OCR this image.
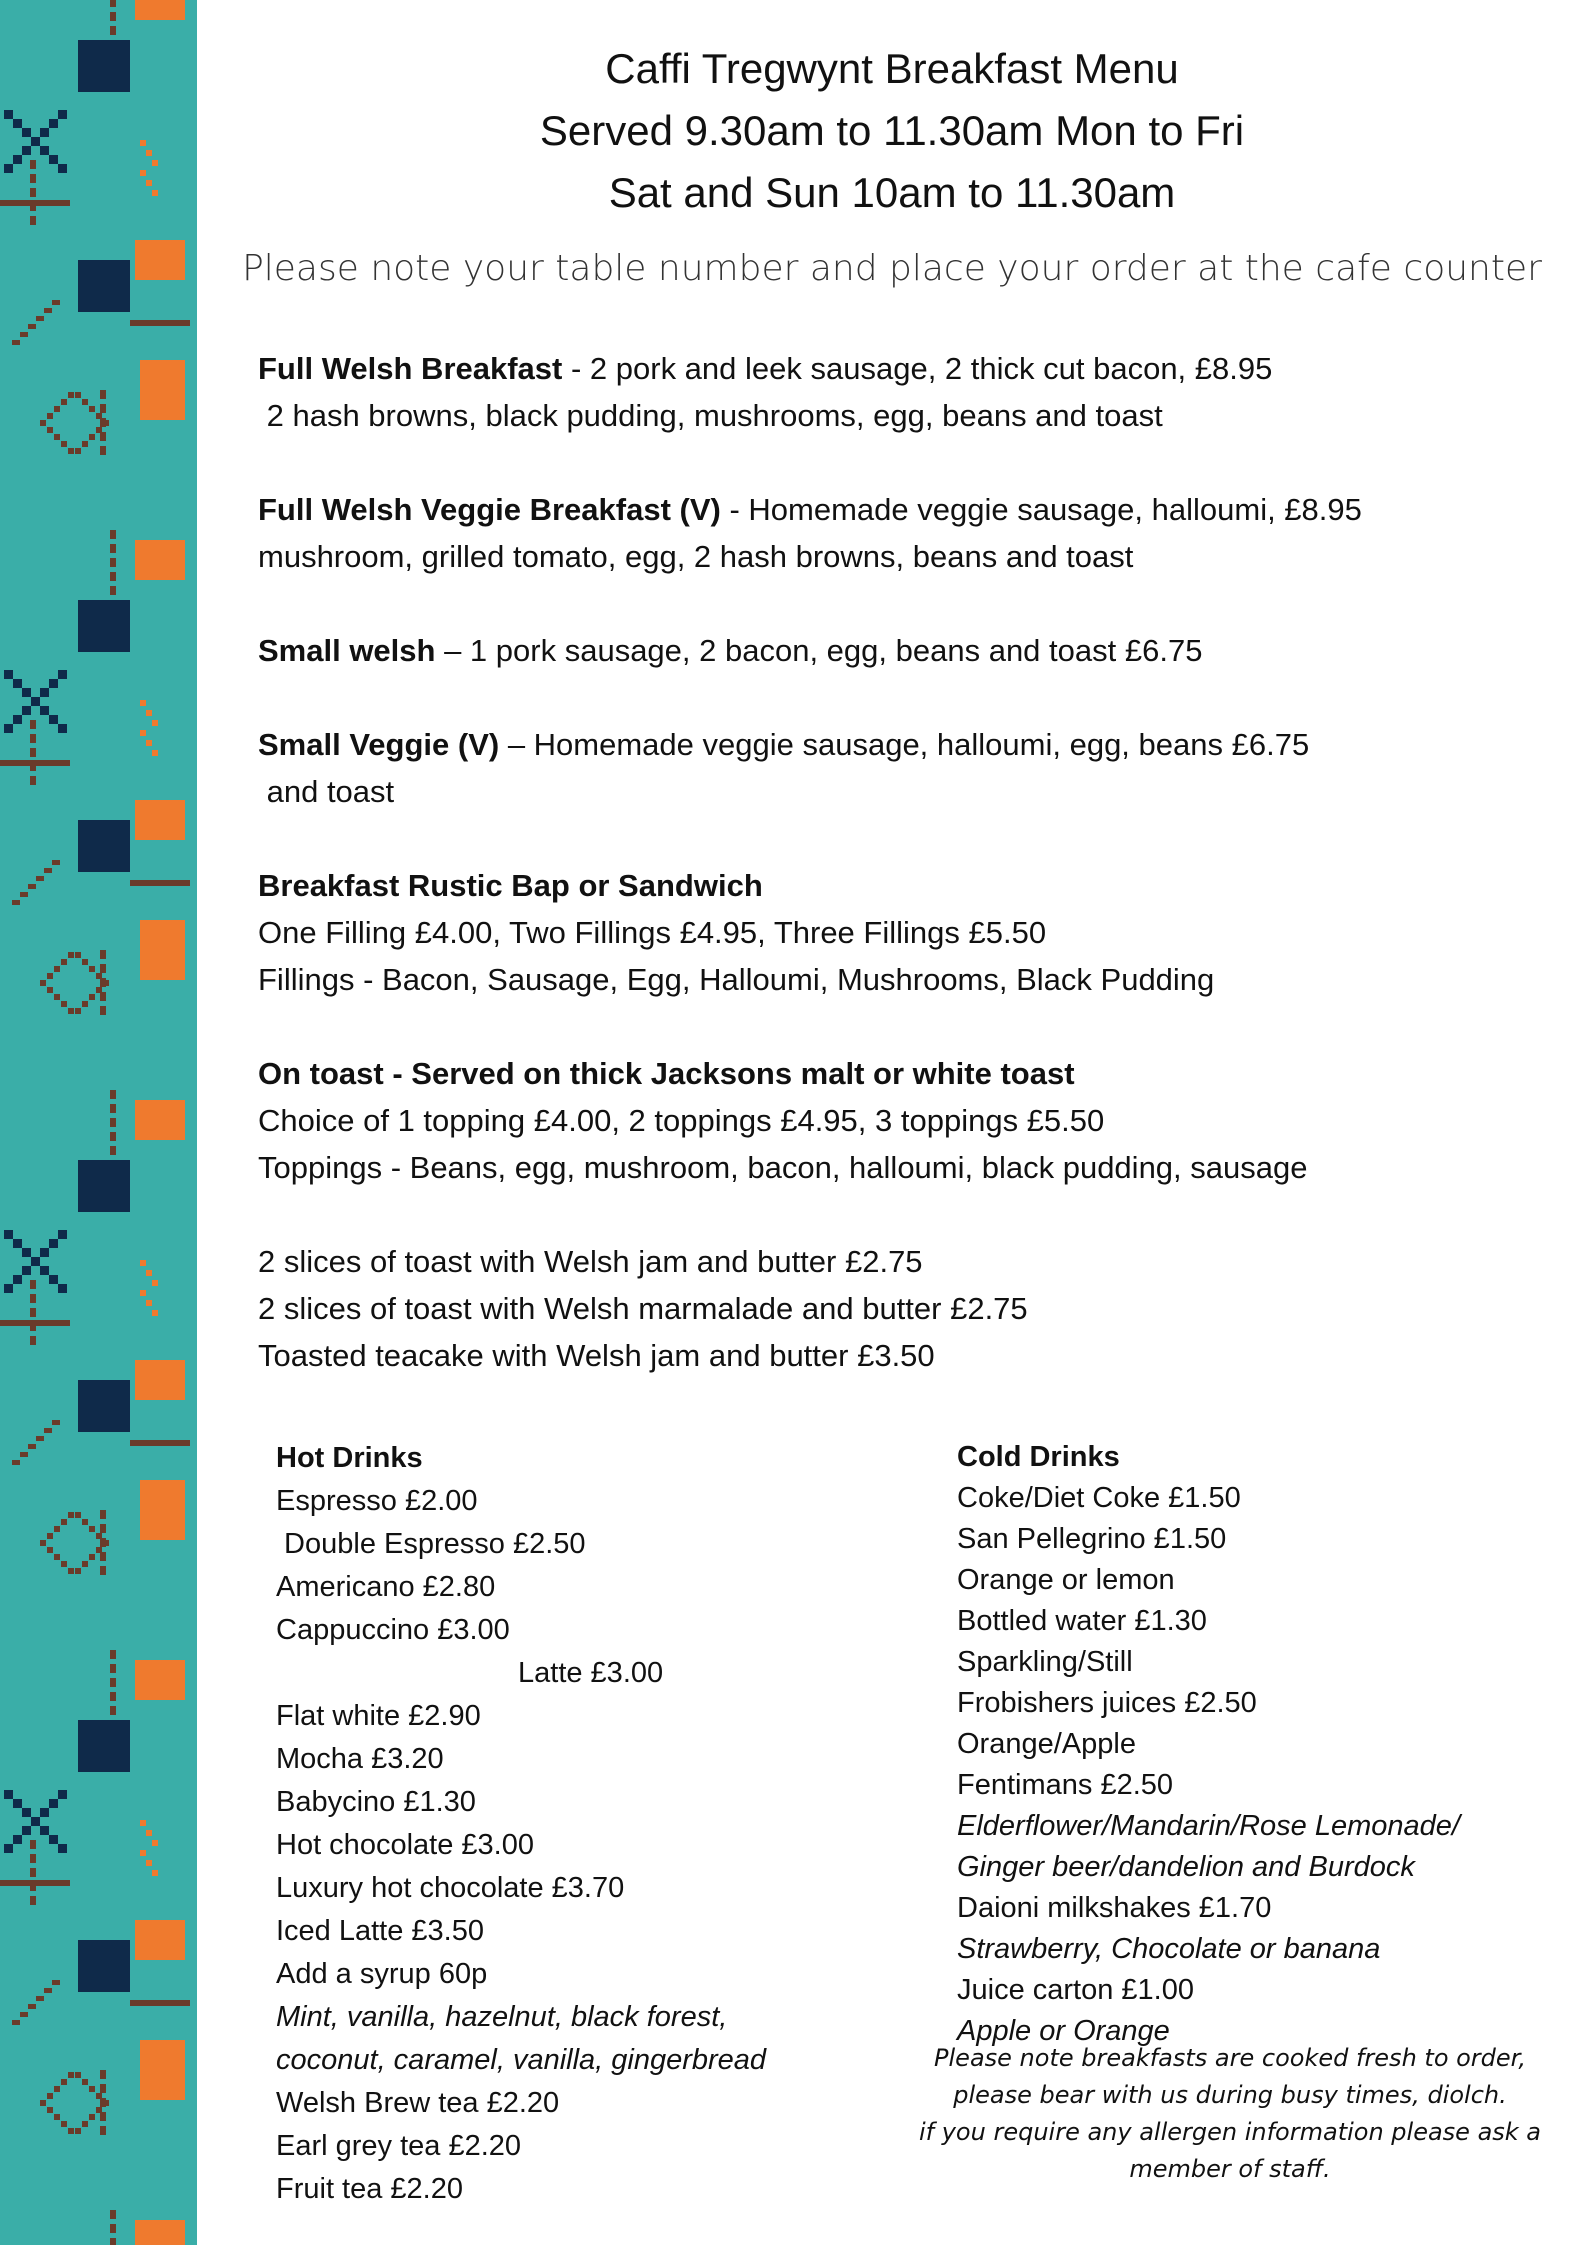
Caffi Tregwynt Breakfast Menu
Served 9.30am to 11.30am Mon to Fri
Sat and Sun 10am to 11.30am
Please note your table number and place your order at the cafe counter
Full Welsh Breakfast - 2 pork and leek sausage, 2 thick cut bacon, £8.95
2 hash browns, black pudding, mushrooms, egg, beans and toast
Full Welsh Veggie Breakfast (V) - Homemade veggie sausage, halloumi, £8.95
mushroom, grilled tomato, egg, 2 hash browns, beans and toast
Small welsh – 1 pork sausage, 2 bacon, egg, beans and toast £6.75
Small Veggie (V) – Homemade veggie sausage, halloumi, egg, beans £6.75
and toast
Breakfast Rustic Bap or Sandwich
One Filling £4.00, Two Fillings £4.95, Three Fillings £5.50
Fillings - Bacon, Sausage, Egg, Halloumi, Mushrooms, Black Pudding
On toast - Served on thick Jacksons malt or white toast
Choice of 1 topping £4.00, 2 toppings £4.95, 3 toppings £5.50
Toppings - Beans, egg, mushroom, bacon, halloumi, black pudding, sausage
2 slices of toast with Welsh jam and butter £2.75
2 slices of toast with Welsh marmalade and butter £2.75
Toasted teacake with Welsh jam and butter £3.50
Hot Drinks
Espresso £2.00
Double Espresso £2.50
Americano £2.80
Cappuccino £3.00
Latte £3.00
Flat white £2.90
Mocha £3.20
Babycino £1.30
Hot chocolate £3.00
Luxury hot chocolate £3.70
Iced Latte £3.50
Add a syrup 60p
Mint, vanilla, hazelnut, black forest,
coconut, caramel, vanilla, gingerbread
Welsh Brew tea £2.20
Earl grey tea £2.20
Fruit tea £2.20
Cold Drinks
Coke/Diet Coke £1.50
San Pellegrino £1.50
Orange or lemon
Bottled water £1.30
Sparkling/Still
Frobishers juices £2.50
Orange/Apple
Fentimans £2.50
Elderflower/Mandarin/Rose Lemonade/
Ginger beer/dandelion and Burdock
Daioni milkshakes £1.70
Strawberry, Chocolate or banana
Juice carton £1.00
Apple or Orange
Please note breakfasts are cooked fresh to order,
please bear with us during busy times, diolch.
if you require any allergen information please ask a
member of staff.
